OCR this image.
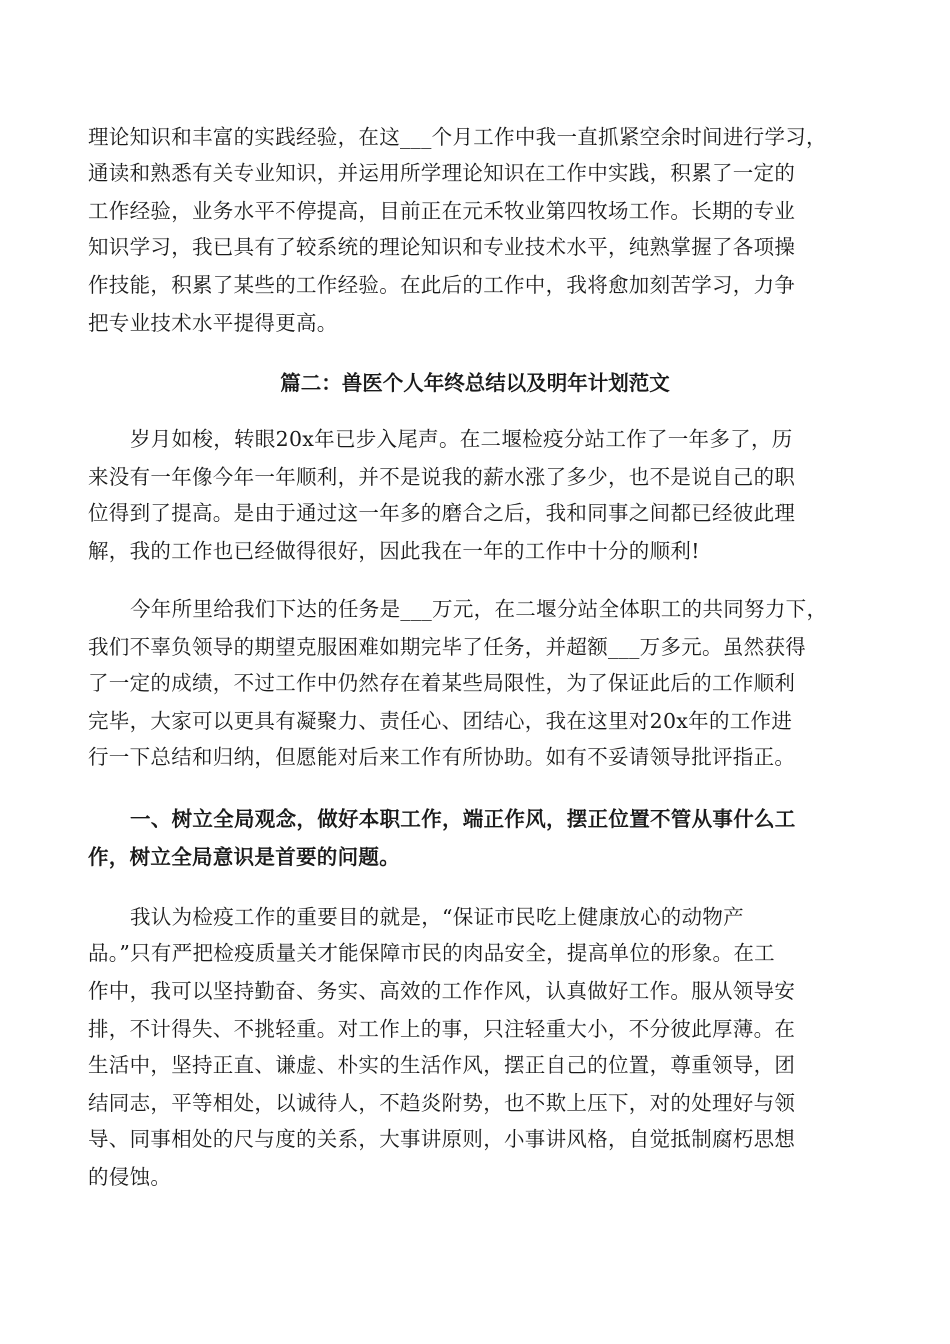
理论知识和丰富的实践经验，在这___个月工作中我一直抓紧空余时间进行学习，
通读和熟悉有关专业知识，并运用所学理论知识在工作中实践，积累了一定的
工作经验，业务水平不停提高，目前正在元禾牧业第四牧场工作。长期的专业
知识学习，我已具有了较系统的理论知识和专业技术水平，纯熟掌握了各项操
作技能，积累了某些的工作经验。在此后的工作中，我将愈加刻苦学习，力争
把专业技术水平提得更高。
篇二：兽医个人年终总结以及明年计划范文
岁月如梭，转眼20x年已步入尾声。在二堰检疫分站工作了一年多了，历
来没有一年像今年一年顺利，并不是说我的薪水涨了多少，也不是说自己的职
位得到了提高。是由于通过这一年多的磨合之后，我和同事之间都已经彼此理
解，我的工作也已经做得很好，因此我在一年的工作中十分的顺利!
今年所里给我们下达的任务是___万元，在二堰分站全体职工的共同努力下，
我们不辜负领导的期望克服困难如期完毕了任务，并超额___万多元。虽然获得
了一定的成绩，不过工作中仍然存在着某些局限性，为了保证此后的工作顺利
完毕，大家可以更具有凝聚力、责任心、团结心，我在这里对20x年的工作进
行一下总结和归纳，但愿能对后来工作有所协助。如有不妥请领导批评指正。
一、树立全局观念，做好本职工作，端正作风，摆正位置不管从事什么工
作，树立全局意识是首要的问题。
我认为检疫工作的重要目的就是，“保证市民吃上健康放心的动物产
品。”只有严把检疫质量关才能保障市民的肉品安全，提高单位的形象。在工
作中，我可以坚持勤奋、务实、高效的工作作风，认真做好工作。服从领导安
排，不计得失、不挑轻重。对工作上的事，只注轻重大小，不分彼此厚薄。在
生活中，坚持正直、谦虚、朴实的生活作风，摆正自己的位置，尊重领导，团
结同志，平等相处，以诚待人，不趋炎附势，也不欺上压下，对的处理好与领
导、同事相处的尺与度的关系，大事讲原则，小事讲风格，自觉抵制腐朽思想
的侵蚀。
